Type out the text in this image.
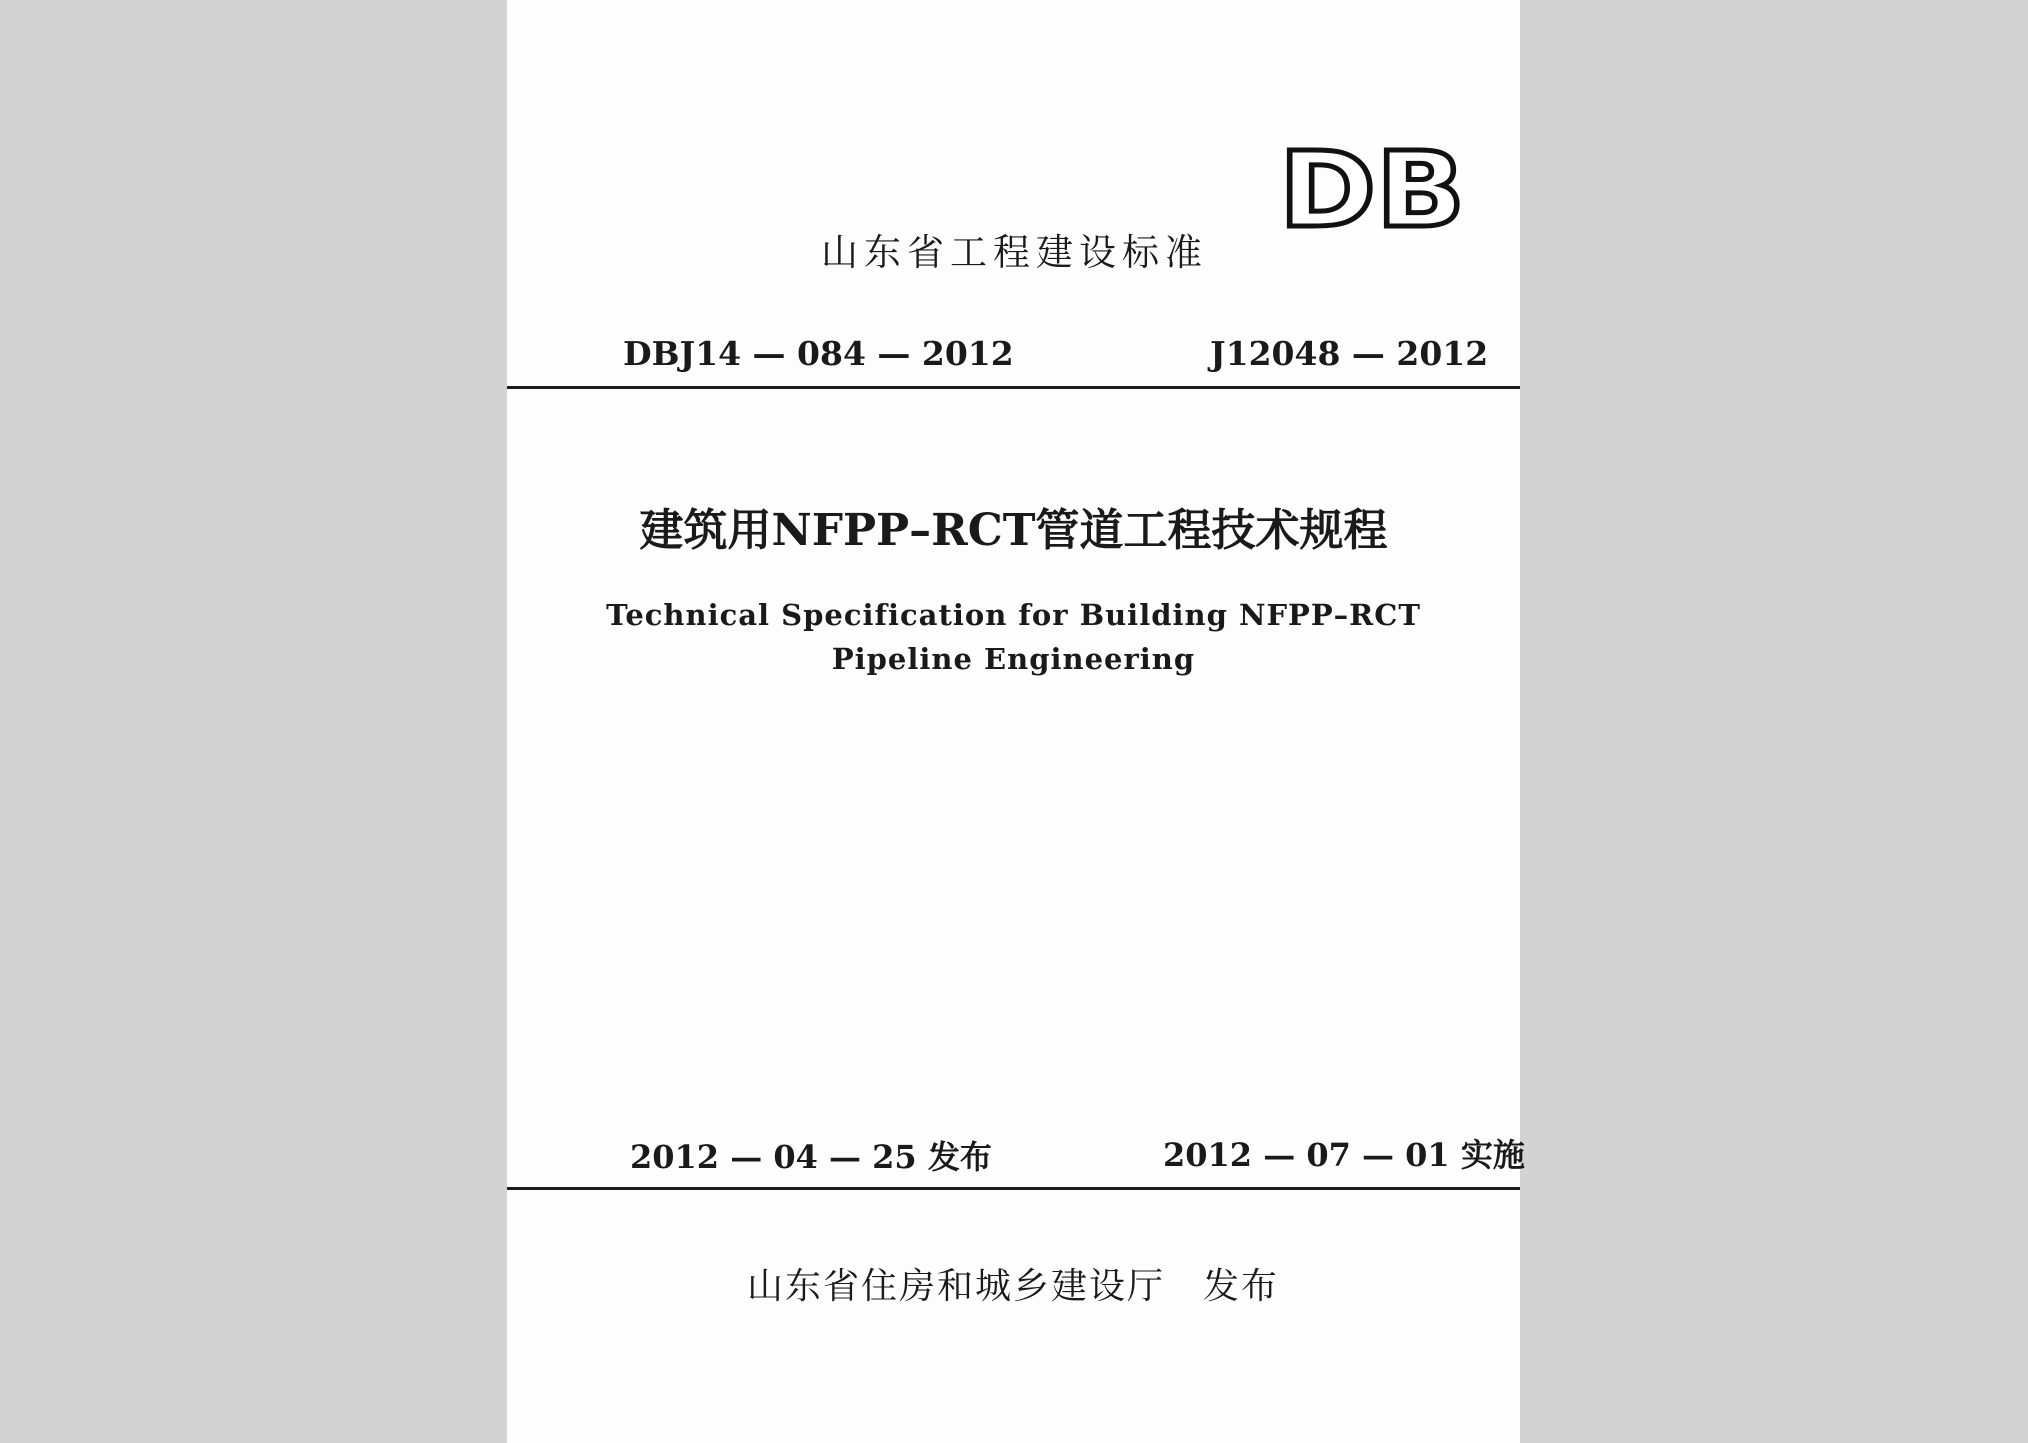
山东省工程建设标准
DB
DBJ14 — 084 — 2012	J12048 — 2012
建筑用NFPP–RCT管道工程技术规程
Technical Specification for Building NFPP–RCT
Pipeline Engineering
2012 — 04 — 25 发布	2012 — 07 — 01 实施
山东省住房和城乡建设厅　发布
